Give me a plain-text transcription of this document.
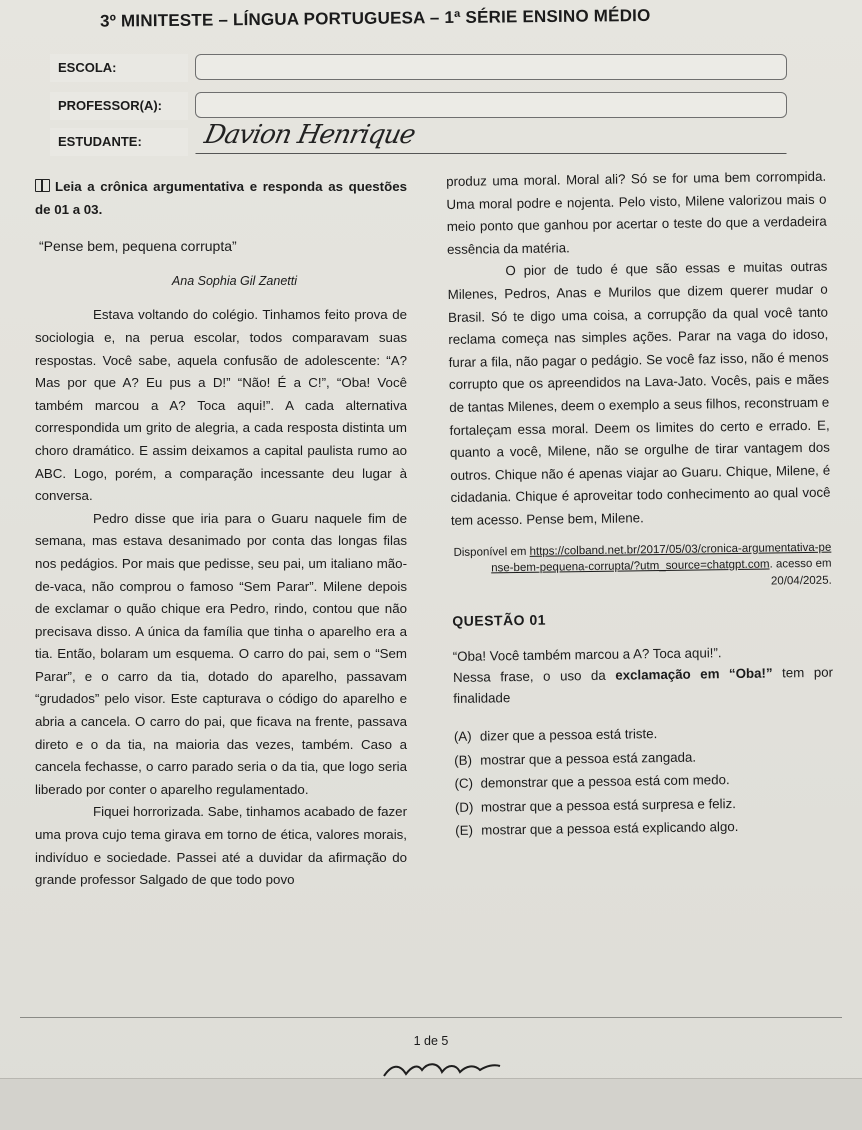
3º MINITESTE – LÍNGUA PORTUGUESA – 1ª SÉRIE ENSINO MÉDIO
ESCOLA:
PROFESSOR(A):
ESTUDANTE:	Davion Henrique

Leia a crônica argumentativa e responda as questões de 01 a 03.

“Pense bem, pequena corrupta”

Ana Sophia Gil Zanetti

Estava voltando do colégio. Tinhamos feito prova de sociologia e, na perua escolar, todos comparavam suas respostas. Você sabe, aquela confusão de adolescente: “A? Mas por que A? Eu pus a D!” “Não! É a C!”, “Oba! Você também marcou a A? Toca aqui!”. A cada alternativa correspondida um grito de alegria, a cada resposta distinta um choro dramático. E assim deixamos a capital paulista rumo ao ABC. Logo, porém, a comparação incessante deu lugar à conversa.

Pedro disse que iria para o Guaru naquele fim de semana, mas estava desanimado por conta das longas filas nos pedágios. Por mais que pedisse, seu pai, um italiano mão-de-vaca, não comprou o famoso “Sem Parar”. Milene depois de exclamar o quão chique era Pedro, rindo, contou que não precisava disso. A única da família que tinha o aparelho era a tia. Então, bolaram um esquema. O carro do pai, sem o “Sem Parar”, e o carro da tia, dotado do aparelho, passavam “grudados” pelo visor. Este capturava o código do aparelho e abria a cancela. O carro do pai, que ficava na frente, passava direto e o da tia, na maioria das vezes, também. Caso a cancela fechasse, o carro parado seria o da tia, que logo seria liberado por conter o aparelho regulamentado.

Fiquei horrorizada. Sabe, tinhamos acabado de fazer uma prova cujo tema girava em torno de ética, valores morais, indivíduo e sociedade. Passei até a duvidar da afirmação do grande professor Salgado de que todo povo

produz uma moral. Moral ali? Só se for uma bem corrompida. Uma moral podre e nojenta. Pelo visto, Milene valorizou mais o meio ponto que ganhou por acertar o teste do que a verdadeira essência da matéria.

O pior de tudo é que são essas e muitas outras Milenes, Pedros, Anas e Murilos que dizem querer mudar o Brasil. Só te digo uma coisa, a corrupção da qual você tanto reclama começa nas simples ações. Parar na vaga do idoso, furar a fila, não pagar o pedágio. Se você faz isso, não é menos corrupto que os apreendidos na Lava-Jato. Vocês, pais e mães de tantas Milenes, deem o exemplo a seus filhos, reconstruam e fortaleçam essa moral. Deem os limites do certo e errado. E, quanto a você, Milene, não se orgulhe de tirar vantagem dos outros. Chique não é apenas viajar ao Guaru. Chique, Milene, é cidadania. Chique é aproveitar todo conhecimento ao qual você tem acesso. Pense bem, Milene.

Disponível em https://colband.net.br/2017/05/03/cronica-argumentativa-pense-bem-pequena-corrupta/?utm_source=chatgpt.com. acesso em 20/04/2025.

QUESTÃO 01

“Oba! Você também marcou a A? Toca aqui!”.

Nessa frase, o uso da exclamação em “Oba!” tem por finalidade

(A) dizer que a pessoa está triste.
(B) mostrar que a pessoa está zangada.
(C) demonstrar que a pessoa está com medo.
(D) mostrar que a pessoa está surpresa e feliz.
(E) mostrar que a pessoa está explicando algo.
1 de 5
